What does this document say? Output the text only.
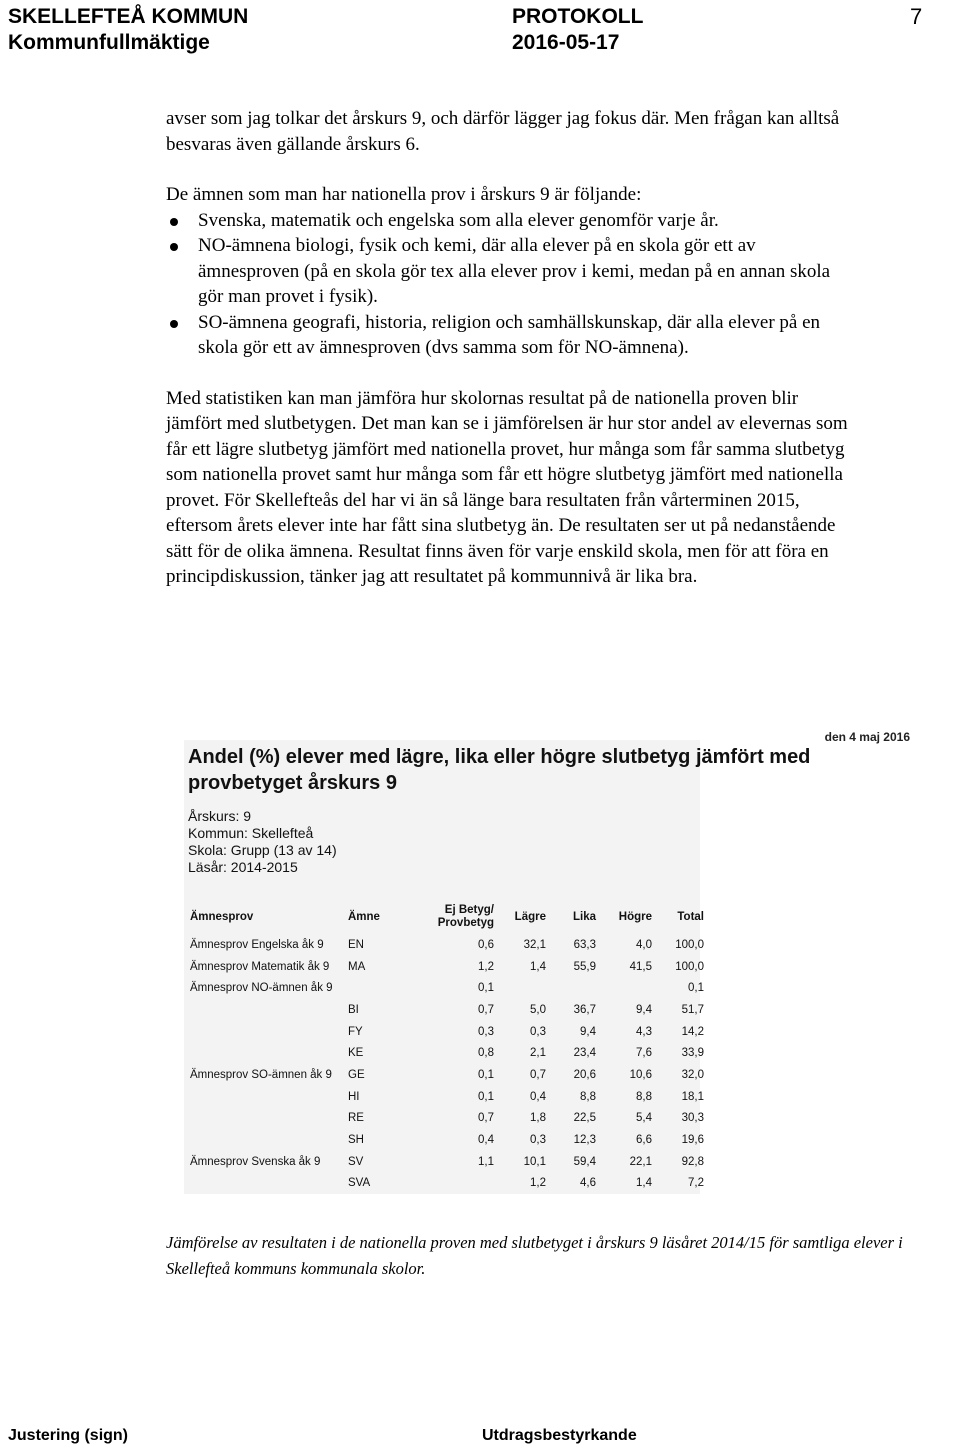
SKELLEFTEÅ KOMMUN
Kommunfullmäktige
PROTOKOLL
2016-05-17
7

avser som jag tolkar det årskurs 9, och därför lägger jag fokus där. Men frågan kan alltså besvaras även gällande årskurs 6.

De ämnen som man har nationella prov i årskurs 9 är följande:

Svenska, matematik och engelska som alla elever genomför varje år.
NO-ämnena biologi, fysik och kemi, där alla elever på en skola gör ett av ämnesproven (på en skola gör tex alla elever prov i kemi, medan på en annan skola gör man provet i fysik).
SO-ämnena geografi, historia, religion och samhällskunskap, där alla elever på en skola gör ett av ämnesproven (dvs samma som för NO-ämnena).

Med statistiken kan man jämföra hur skolornas resultat på de nationella proven blir jämfört med slutbetygen. Det man kan se i jämförelsen är hur stor andel av elevernas som får ett lägre slutbetyg jämfört med nationella provet, hur många som får samma slutbetyg som nationella provet samt hur många som får ett högre slutbetyg jämfört med nationella provet. För Skellefteås del har vi än så länge bara resultaten från vårterminen 2015, eftersom årets elever inte har fått sina slutbetyg än. De resultaten ser ut på nedanstående sätt för de olika ämnena. Resultat finns även för varje enskild skola, men för att föra en principdiskussion, tänker jag att resultatet på kommunnivå är lika bra.

den 4 maj 2016
Andel (%) elever med lägre, lika eller högre slutbetyg jämfört med provbetyget årskurs 9
Årskurs: 9
Kommun: Skellefteå
Skola: Grupp (13 av 14)
Läsår: 2014-2015
Ämnesprov	Ämne	Ej Betyg/ Provbetyg	Lägre	Lika	Högre	Total
Ämnesprov Engelska åk 9	EN	0,6	32,1	63,3	4,0	100,0
Ämnesprov Matematik åk 9	MA	1,2	1,4	55,9	41,5	100,0
Ämnesprov NO-ämnen åk 9		0,1				0,1
	BI	0,7	5,0	36,7	9,4	51,7
	FY	0,3	0,3	9,4	4,3	14,2
	KE	0,8	2,1	23,4	7,6	33,9
Ämnesprov SO-ämnen åk 9	GE	0,1	0,7	20,6	10,6	32,0
	HI	0,1	0,4	8,8	8,8	18,1
	RE	0,7	1,8	22,5	5,4	30,3
	SH	0,4	0,3	12,3	6,6	19,6
Ämnesprov Svenska åk 9	SV	1,1	10,1	59,4	22,1	92,8
	SVA		1,2	4,6	1,4	7,2
Jämförelse av resultaten i de nationella proven med slutbetyget i årskurs 9 läsåret 2014/15 för samtliga elever i Skellefteå kommuns kommunala skolor.
Justering (sign)	Utdragsbestyrkande
